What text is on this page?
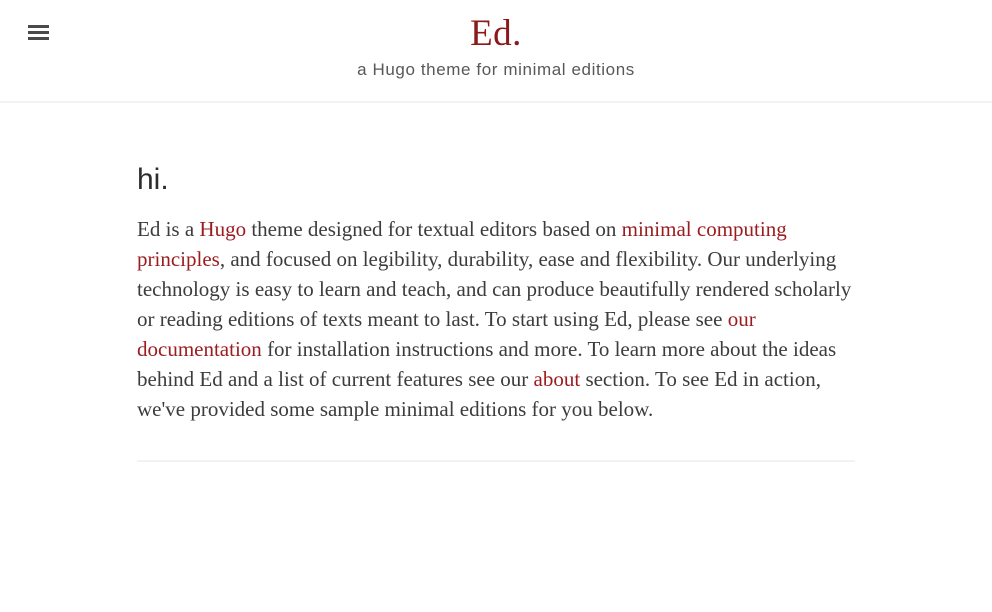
Ed.
a Hugo theme for minimal editions
hi.

Ed is a Hugo theme designed for textual editors based on minimal computing principles, and focused on legibility, durability, ease and flexibility. Our underlying technology is easy to learn and teach, and can produce beautifully rendered scholarly or reading editions of texts meant to last. To start using Ed, please see our documentation for installation instructions and more. To learn more about the ideas behind Ed and a list of current features see our about section. To see Ed in action, we've provided some sample minimal editions for you below.
